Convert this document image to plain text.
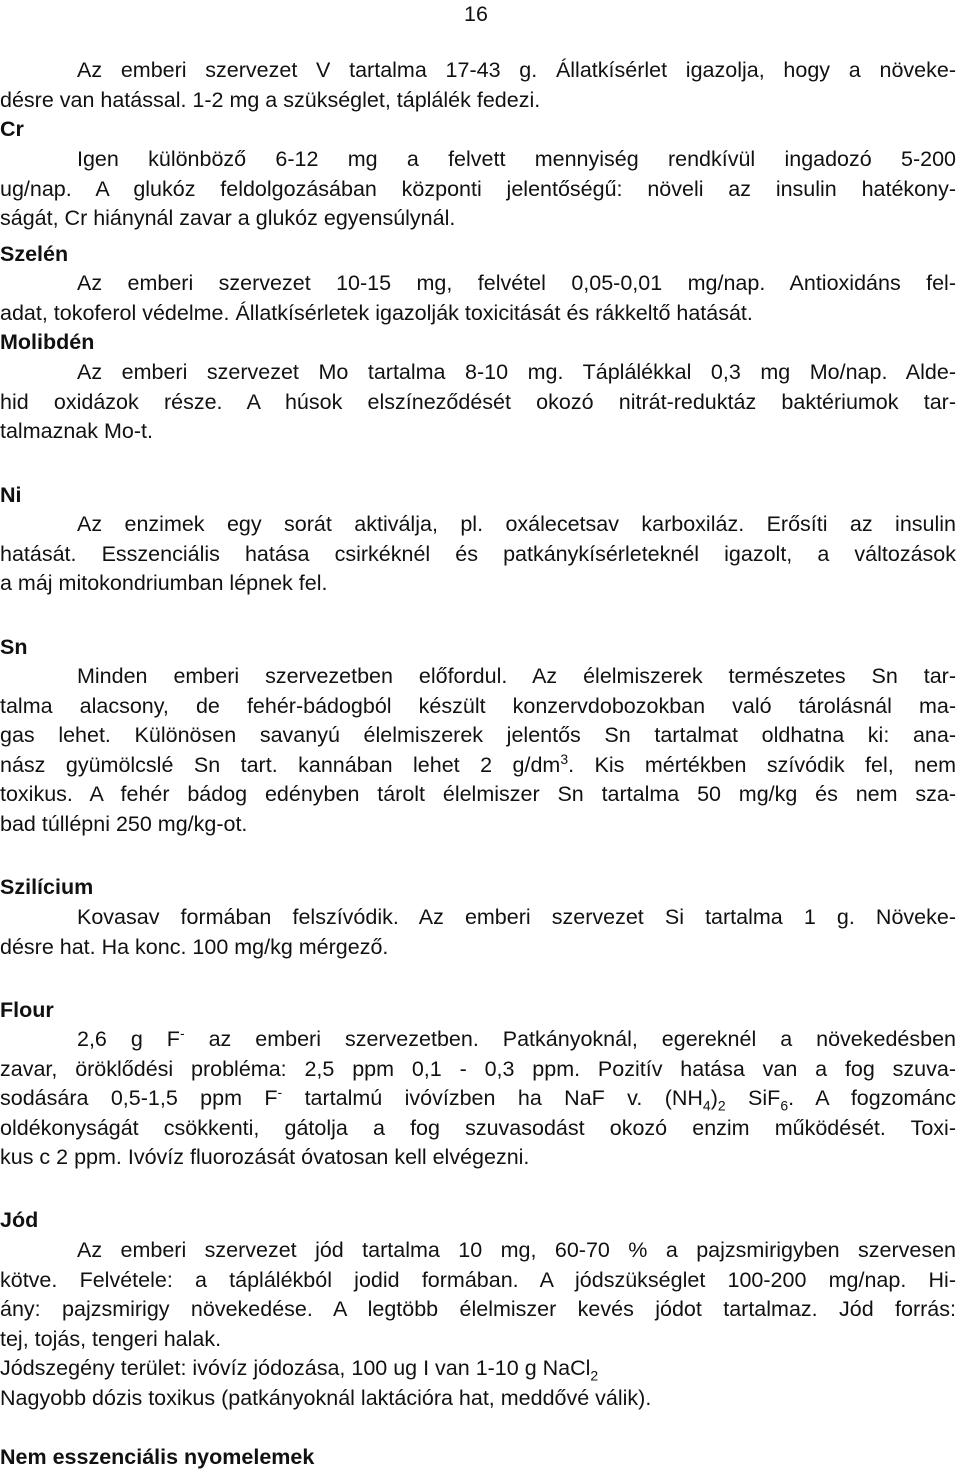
16
Az emberi szervezet V tartalma 17-43 g. Állatkísérlet igazolja, hogy a növeke-
désre van hatással. 1-2 mg a szükséglet, táplálék fedezi.
Cr
Igen különböző 6-12 mg a felvett mennyiség rendkívül ingadozó 5-200
ug/nap. A glukóz feldolgozásában központi jelentőségű: növeli az insulin hatékony-
ságát, Cr hiánynál zavar a glukóz egyensúlynál.
Szelén
Az emberi szervezet 10-15 mg, felvétel 0,05-0,01 mg/nap. Antioxidáns fel-
adat, tokoferol védelme. Állatkísérletek igazolják toxicitását és rákkeltő hatását.
Molibdén
Az emberi szervezet Mo tartalma 8-10 mg. Táplálékkal 0,3 mg Mo/nap. Alde-
hid oxidázok része. A húsok elszíneződését okozó nitrát-reduktáz baktériumok tar-
talmaznak Mo-t.
Ni
Az enzimek egy sorát aktiválja, pl. oxálecetsav karboxiláz. Erősíti az insulin
hatását. Esszenciális hatása csirkéknél és patkánykísérleteknél igazolt, a változások
a máj mitokondriumban lépnek fel.
Sn
Minden emberi szervezetben előfordul. Az élelmiszerek természetes Sn tar-
talma alacsony, de fehér-bádogból készült konzervdobozokban való tárolásnál ma-
gas lehet. Különösen savanyú élelmiszerek jelentős Sn tartalmat oldhatna ki: ana-
nász gyümölcslé Sn tart. kannában lehet 2 $g/dm^3$. Kis mértékben szívódik fel, nem
toxikus. A fehér bádog edényben tárolt élelmiszer Sn tartalma 50 mg/kg és nem sza-
bad túllépni 250 mg/kg-ot.
Szilícium
Kovasav formában felszívódik. Az emberi szervezet Si tartalma 1 g. Növeke-
désre hat. Ha konc. 100 mg/kg mérgező.
Flour
2,6 g F- az emberi szervezetben. Patkányoknál, egereknél a növekedésben
zavar, öröklődési probléma: 2,5 ppm 0,1 - 0,3 ppm. Pozitív hatása van a fog szuva-
sodására 0,5-1,5 ppm F- tartalmú ivóvízben ha NaF v. $(NH_4)_2$ SiF$_6$. A fogzománc
oldékonyságát csökkenti, gátolja a fog szuvasodást okozó enzim működését. Toxi-
kus c 2 ppm. Ivóvíz fluorozását óvatosan kell elvégezni.
Jód
Az emberi szervezet jód tartalma 10 mg, 60-70 % a pajzsmirigyben szervesen
kötve. Felvétele: a táplálékból jodid formában. A jódszükséglet 100-200 mg/nap. Hi-
ány: pajzsmirigy növekedése. A legtöbb élelmiszer kevés jódot tartalmaz. Jód forrás:
tej, tojás, tengeri halak.
Jódszegény terület: ivóvíz jódozása, 100 ug I van 1-10 g NaCl$_2$
Nagyobb dózis toxikus (patkányoknál laktációra hat, meddővé válik).
Nem esszenciális nyomelemek
